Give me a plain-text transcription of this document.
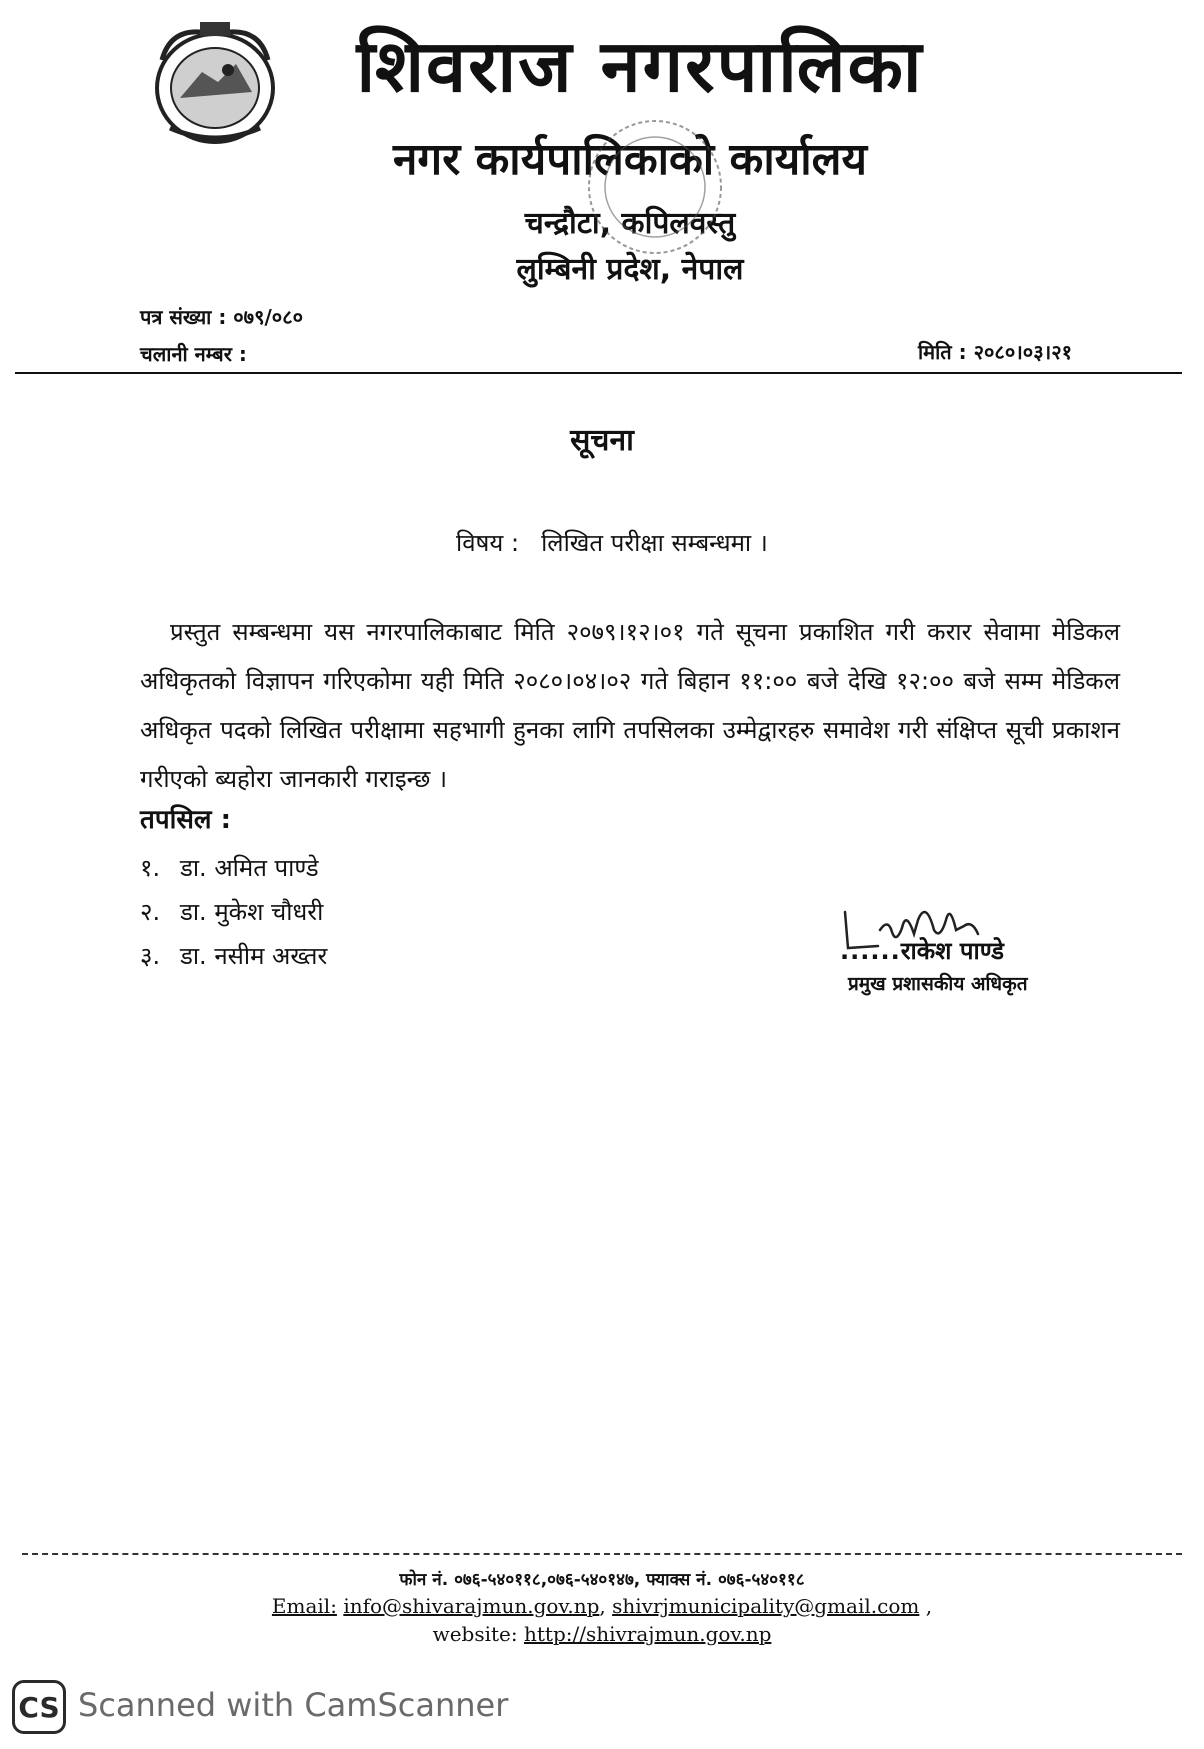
शिवराज नगरपालिका
नगर कार्यपालिकाको कार्यालय
चन्द्रौटा, कपिलवस्तु
लुम्बिनी प्रदेश, नेपाल
पत्र संख्या : ०७९/०८०
चलानी नम्बर :	मिति : २०८०।०३।२१
सूचना
विषय : लिखित परीक्षा सम्बन्धमा ।
प्रस्तुत सम्बन्धमा यस नगरपालिकाबाट मिति २०७९।१२।०१ गते सूचना प्रकाशित गरी करार सेवामा मेडिकल अधिकृतको विज्ञापन गरिएकोमा यही मिति २०८०।०४।०२ गते बिहान ११:०० बजे देखि १२:०० बजे सम्म मेडिकल अधिकृत पदको लिखित परीक्षामा सहभागी हुनका लागि तपसिलका उम्मेद्वारहरु समावेश गरी संक्षिप्त सूची प्रकाशन गरीएको ब्यहोरा जानकारी गराइन्छ ।
तपसिल :
१. डा. अमित पाण्डे
२. डा. मुकेश चौधरी
३. डा. नसीम अख्तर	......राकेश पाण्डे
प्रमुख प्रशासकीय अधिकृत
फोन नं. ०७६-५४०११८,०७६-५४०१४७, फ्याक्स नं. ०७६-५४०११८
Email: info@shivarajmun.gov.np, shivrjmunicipality@gmail.com ,
website: http://shivrajmun.gov.np
CS Scanned with CamScanner
